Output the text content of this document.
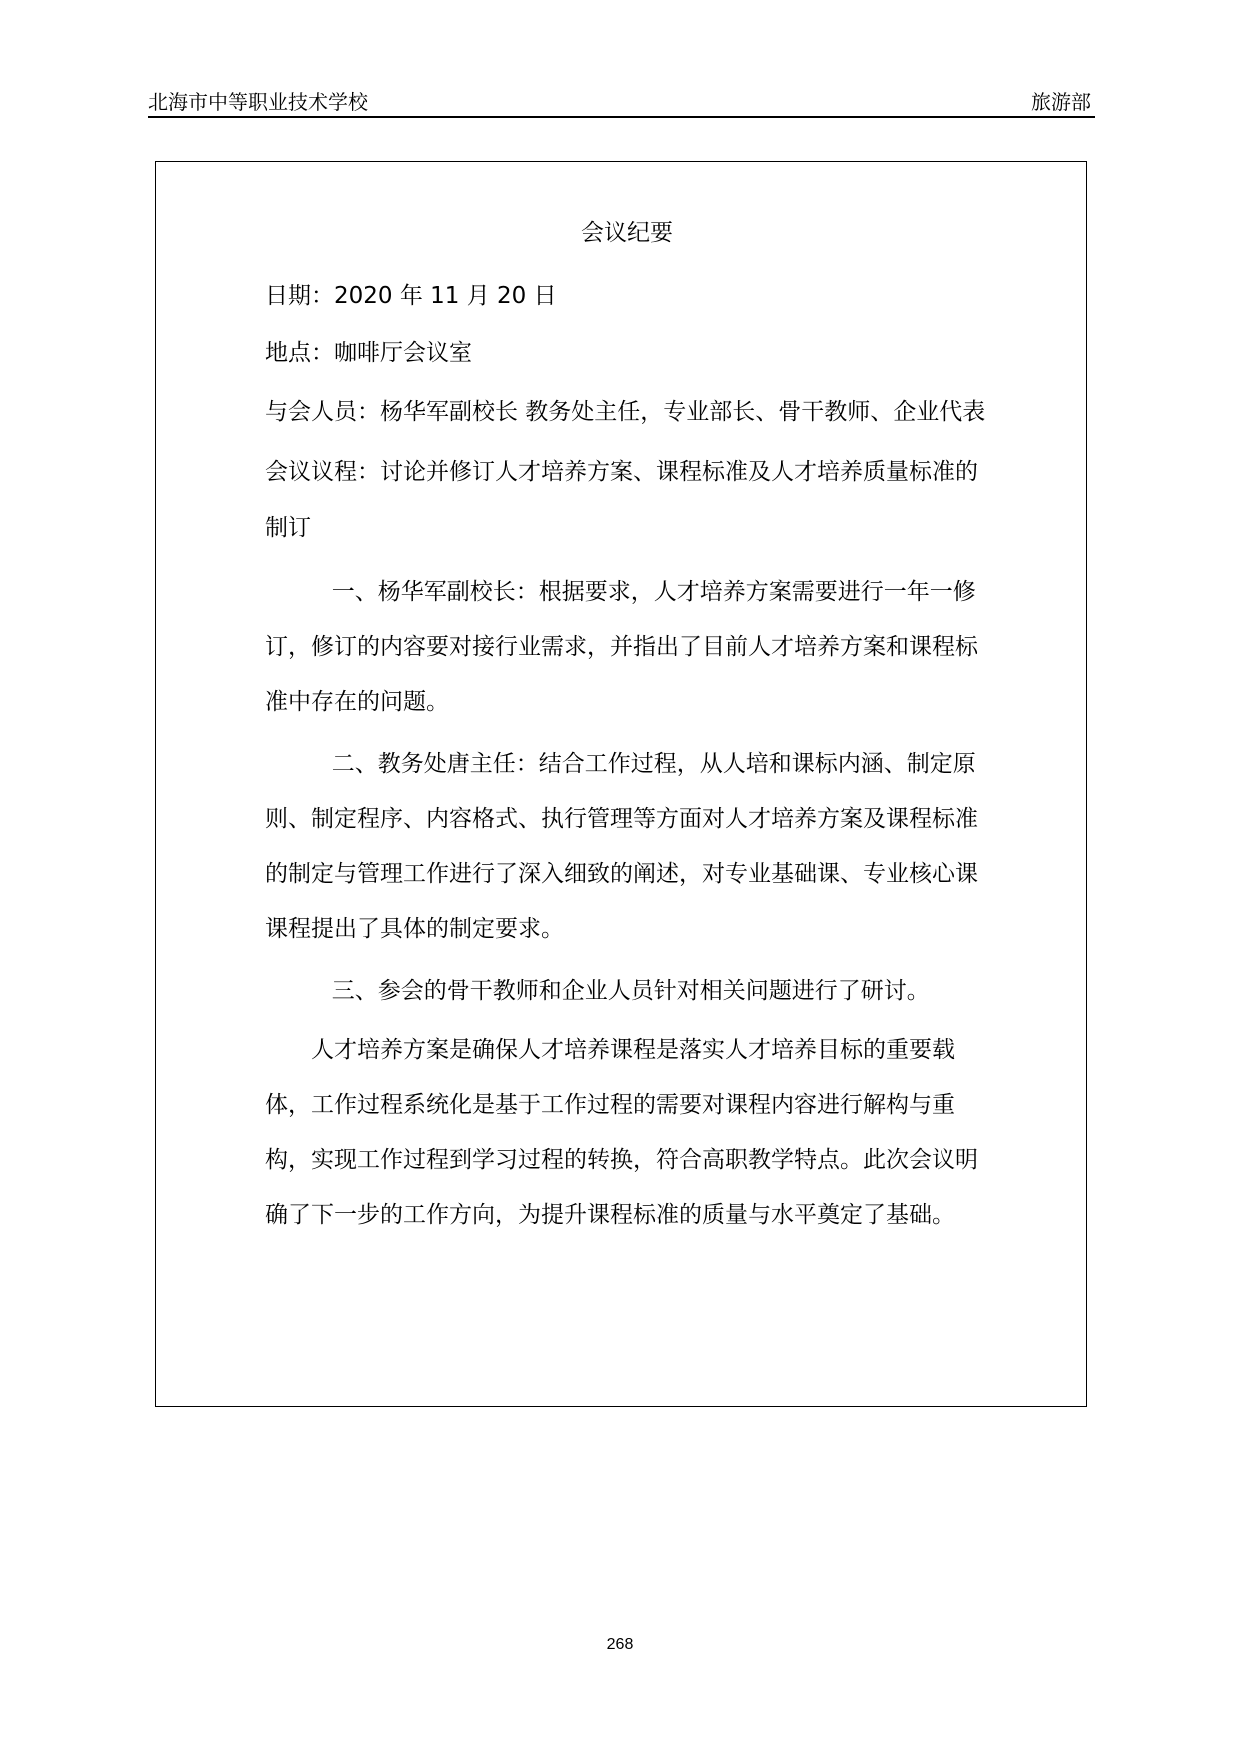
北海市中等职业技术学校	旅游部
会议纪要

日期：2020 年 11 月 20 日

地点：咖啡厅会议室

与会人员：杨华军副校长 教务处主任，专业部长、骨干教师、企业代表

会议议程：讨论并修订人才培养方案、课程标准及人才培养质量标准的制订

一、杨华军副校长：根据要求，人才培养方案需要进行一年一修订，修订的内容要对接行业需求，并指出了目前人才培养方案和课程标准中存在的问题。

二、教务处唐主任：结合工作过程，从人培和课标内涵、制定原则、制定程序、内容格式、执行管理等方面对人才培养方案及课程标准的制定与管理工作进行了深入细致的阐述，对专业基础课、专业核心课课程提出了具体的制定要求。

三、参会的骨干教师和企业人员针对相关问题进行了研讨。

人才培养方案是确保人才培养课程是落实人才培养目标的重要载体，工作过程系统化是基于工作过程的需要对课程内容进行解构与重构，实现工作过程到学习过程的转换，符合高职教学特点。此次会议明确了下一步的工作方向，为提升课程标准的质量与水平奠定了基础。

268
